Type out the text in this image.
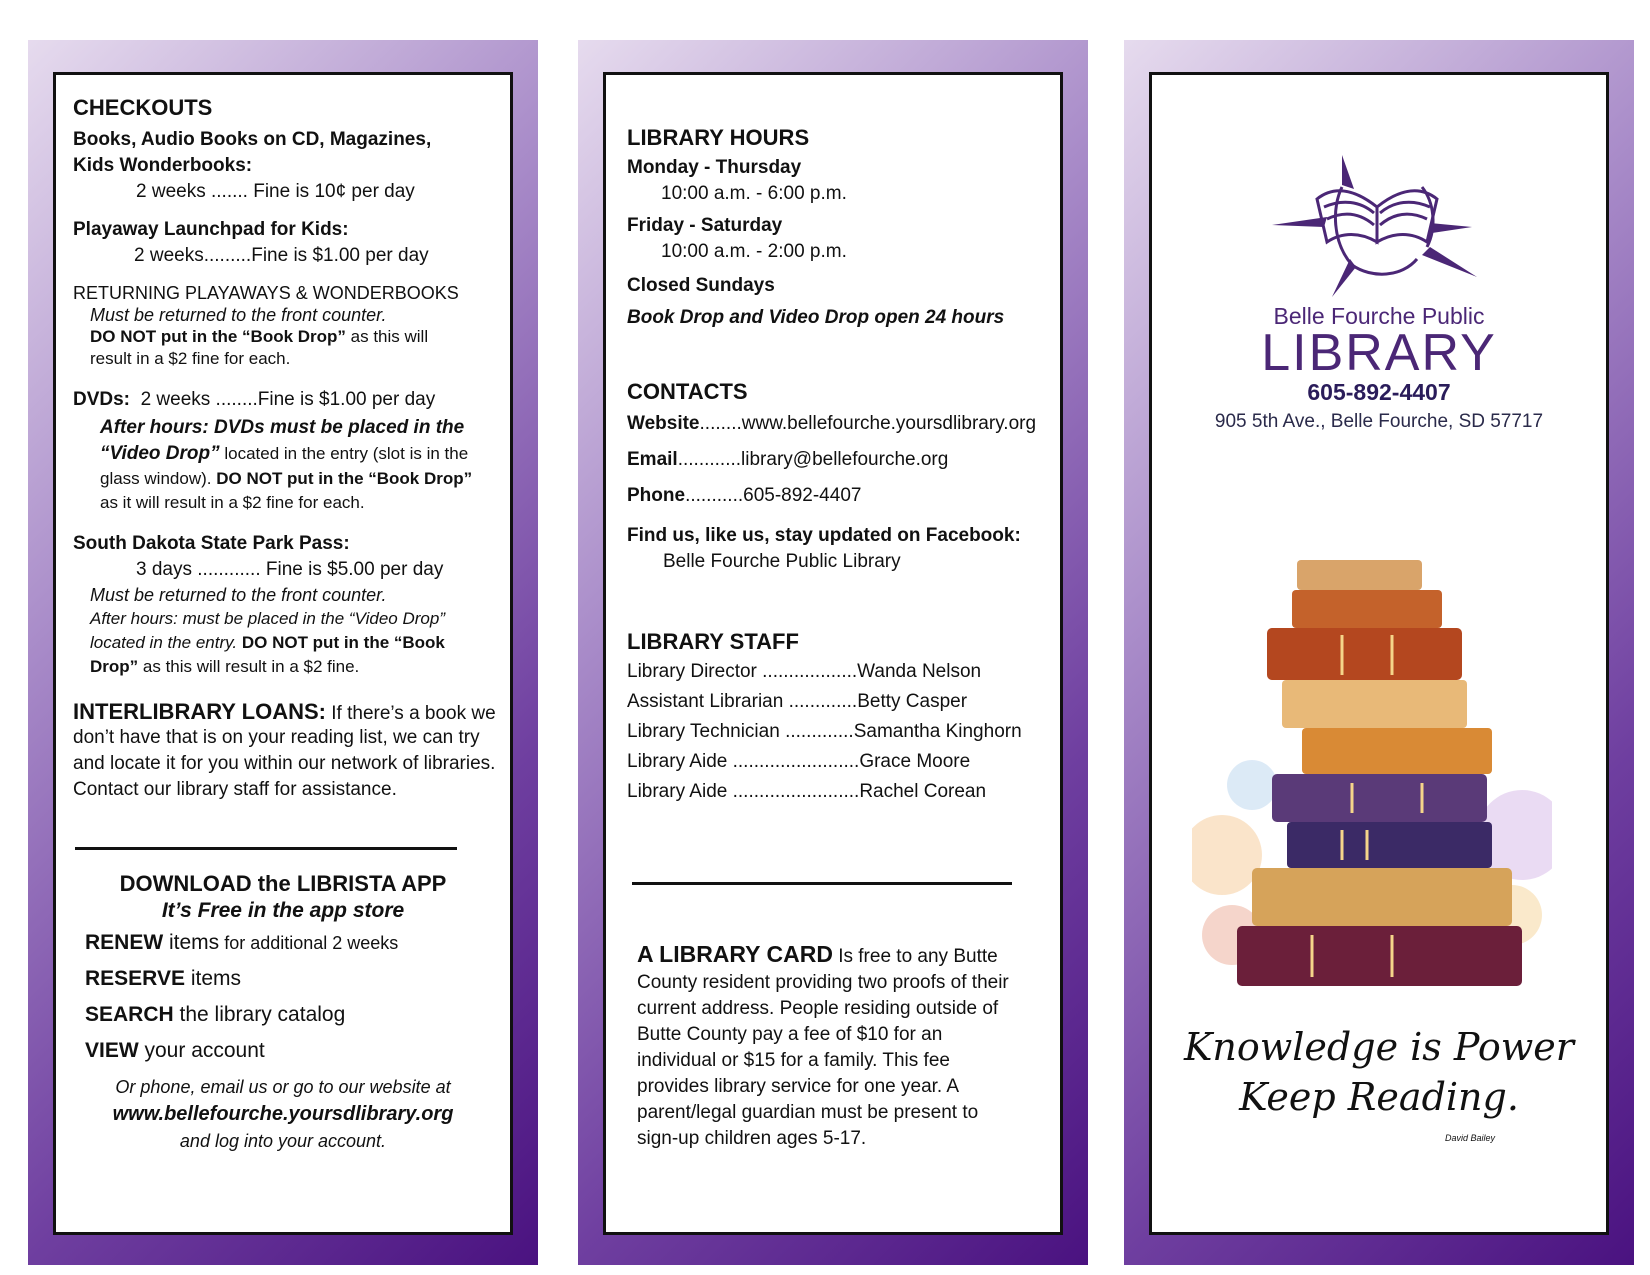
CHECKOUTS
Books, Audio Books on CD, Magazines,
Kids Wonderbooks:
2 weeks ....... Fine is 10¢ per day
Playaway Launchpad for Kids:
2 weeks.........Fine is $1.00 per day
RETURNING PLAYAWAYS & WONDERBOOKS
Must be returned to the front counter.
DO NOT put in the “Book Drop” as this will
result in a $2 fine for each.
DVDs: 2 weeks ........Fine is $1.00 per day
After hours: DVDs must be placed in the
“Video Drop” located in the entry (slot is in the
glass window). DO NOT put in the “Book Drop”
as it will result in a $2 fine for each.
South Dakota State Park Pass:
3 days ............ Fine is $5.00 per day
Must be returned to the front counter.
After hours: must be placed in the “Video Drop”
located in the entry. DO NOT put in the “Book
Drop” as this will result in a $2 fine.
INTERLIBRARY LOANS: If there’s a book we
don’t have that is on your reading list, we can try
and locate it for you within our network of libraries.
Contact our library staff for assistance.
DOWNLOAD the LIBRISTA APP
It’s Free in the app store
RENEW items for additional 2 weeks
RESERVE items
SEARCH the library catalog
VIEW your account
Or phone, email us or go to our website at
www.bellefourche.yoursdlibrary.org
and log into your account.
LIBRARY HOURS
Monday - Thursday
10:00 a.m. - 6:00 p.m.
Friday - Saturday
10:00 a.m. - 2:00 p.m.
Closed Sundays
Book Drop and Video Drop open 24 hours
CONTACTS
Website........www.bellefourche.yoursdlibrary.org
Email............library@bellefourche.org
Phone...........605-892-4407
Find us, like us, stay updated on Facebook:
Belle Fourche Public Library
LIBRARY STAFF
Library Director ..................Wanda Nelson
Assistant Librarian .............Betty Casper
Library Technician .............Samantha Kinghorn
Library Aide ........................Grace Moore
Library Aide ........................Rachel Corean
A LIBRARY CARD Is free to any Butte County resident providing two proofs of their current address. People residing outside of Butte County pay a fee of $10 for an individual or $15 for a family. This fee provides library service for one year. A parent/legal guardian must be present to sign-up children ages 5-17.
Belle Fourche Public
LIBRARY
605-892-4407
905 5th Ave., Belle Fourche, SD 57717
Knowledge is Power
Keep Reading.
David Bailey
